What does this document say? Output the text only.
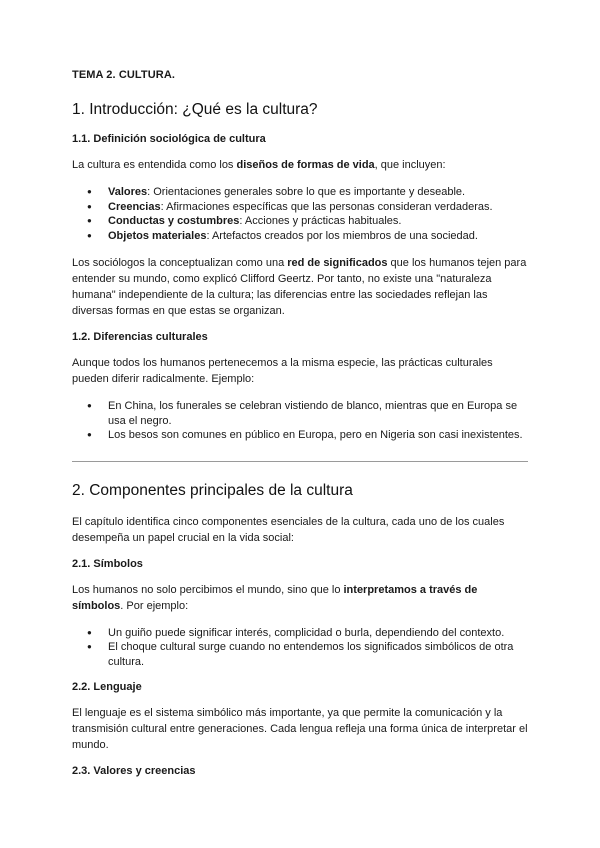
TEMA 2. CULTURA.
1. Introducción: ¿Qué es la cultura?
1.1. Definición sociológica de cultura

La cultura es entendida como los diseños de formas de vida, que incluyen:

● Valores: Orientaciones generales sobre lo que es importante y deseable.
● Creencias: Afirmaciones específicas que las personas consideran verdaderas.
● Conductas y costumbres: Acciones y prácticas habituales.
● Objetos materiales: Artefactos creados por los miembros de una sociedad.

Los sociólogos la conceptualizan como una red de significados que los humanos tejen para entender su mundo, como explicó Clifford Geertz. Por tanto, no existe una "naturaleza humana" independiente de la cultura; las diferencias entre las sociedades reflejan las diversas formas en que estas se organizan.

1.2. Diferencias culturales

Aunque todos los humanos pertenecemos a la misma especie, las prácticas culturales pueden diferir radicalmente. Ejemplo:

● En China, los funerales se celebran vistiendo de blanco, mientras que en Europa se usa el negro.
● Los besos son comunes en público en Europa, pero en Nigeria son casi inexistentes.
2. Componentes principales de la cultura

El capítulo identifica cinco componentes esenciales de la cultura, cada uno de los cuales desempeña un papel crucial en la vida social:

2.1. Símbolos

Los humanos no solo percibimos el mundo, sino que lo interpretamos a través de símbolos. Por ejemplo:

● Un guiño puede significar interés, complicidad o burla, dependiendo del contexto.
● El choque cultural surge cuando no entendemos los significados simbólicos de otra cultura.
2.2. Lenguaje

El lenguaje es el sistema simbólico más importante, ya que permite la comunicación y la transmisión cultural entre generaciones. Cada lengua refleja una forma única de interpretar el mundo.

2.3. Valores y creencias
